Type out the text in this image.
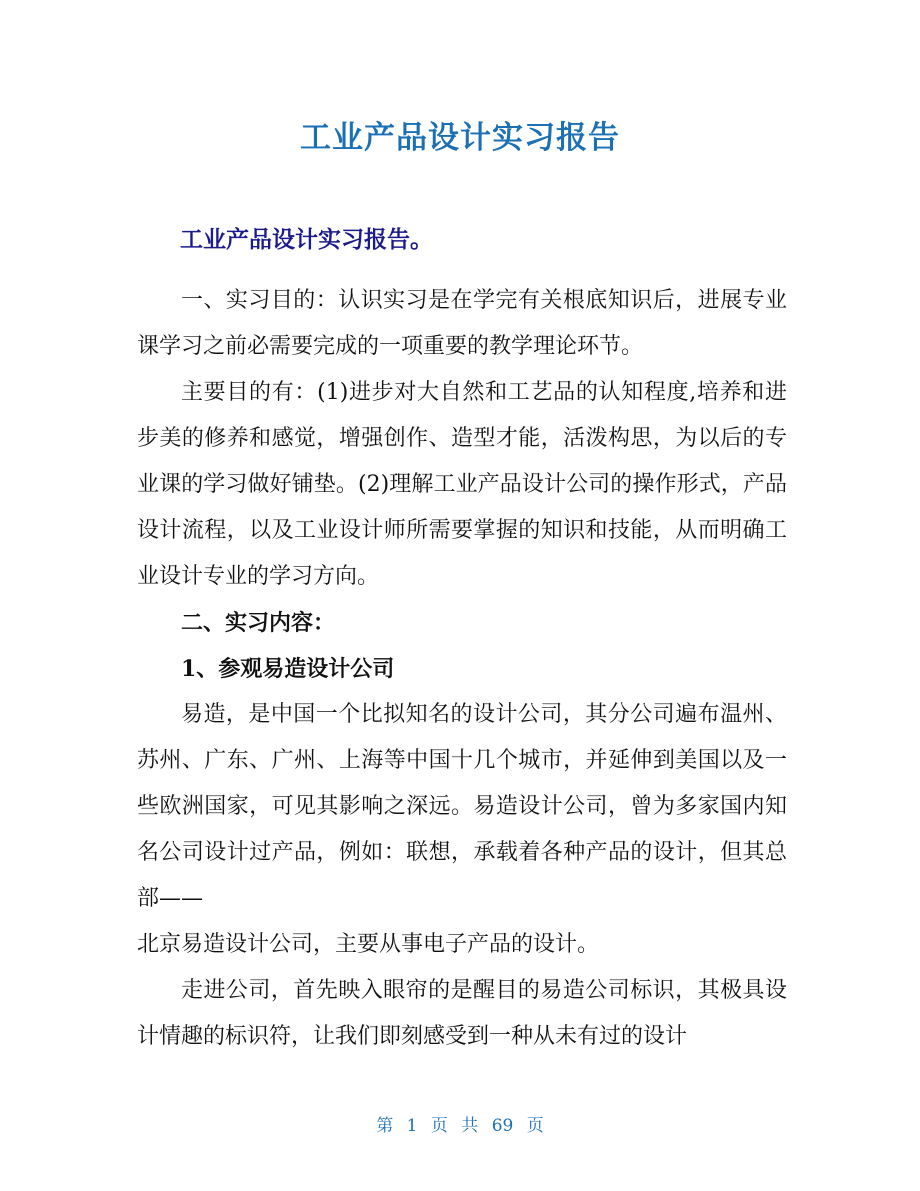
工业产品设计实习报告
工业产品设计实习报告。

一、实习目的：认识实习是在学完有关根底知识后，进展专业课学习之前必需要完成的一项重要的教学理论环节。

主要目的有：(1)进步对大自然和工艺品的认知程度,培养和进步美的修养和感觉，增强创作、造型才能，活泼构思，为以后的专业课的学习做好铺垫。(2)理解工业产品设计公司的操作形式，产品设计流程，以及工业设计师所需要掌握的知识和技能，从而明确工业设计专业的学习方向。

二、实习内容：

1、参观易造设计公司

易造，是中国一个比拟知名的设计公司，其分公司遍布温州、苏州、广东、广州、上海等中国十几个城市，并延伸到美国以及一些欧洲国家，可见其影响之深远。易造设计公司，曾为多家国内知名公司设计过产品，例如：联想，承载着各种产品的设计，但其总部——

北京易造设计公司，主要从事电子产品的设计。

走进公司，首先映入眼帘的是醒目的易造公司标识，其极具设计情趣的标识符，让我们即刻感受到一种从未有过的设计

第 1 页 共 69 页
